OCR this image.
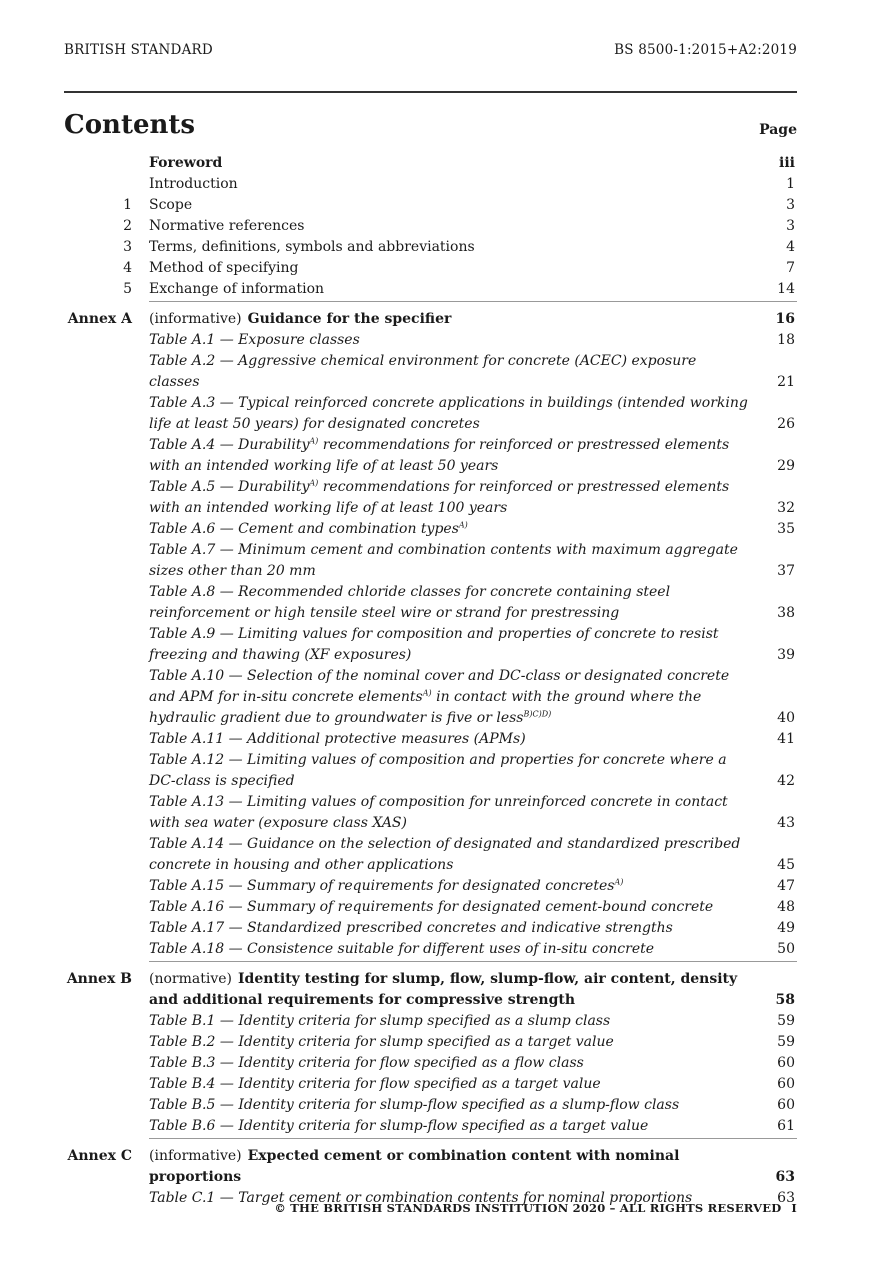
BRITISH STANDARD	BS 8500-1:2015+A2:2019
Contents	Page
Foreword	iii
Introduction	1
1 Scope	3
2 Normative references	3
3 Terms, definitions, symbols and abbreviations	4
4 Method of specifying	7
5 Exchange of information	14
Annex A (informative) Guidance for the specifier	16
Table A.1 — Exposure classes	18
Table A.2 — Aggressive chemical environment for concrete (ACEC) exposure classes	21
Table A.3 — Typical reinforced concrete applications in buildings (intended working life at least 50 years) for designated concretes	26
Table A.4 — Durability$^{A)}$ recommendations for reinforced or prestressed elements with an intended working life of at least 50 years	29
Table A.5 — Durability$^{A)}$ recommendations for reinforced or prestressed elements with an intended working life of at least 100 years	32
Table A.6 — Cement and combination types$^{A)}$	35
Table A.7 — Minimum cement and combination contents with maximum aggregate sizes other than 20 mm	37
Table A.8 — Recommended chloride classes for concrete containing steel reinforcement or high tensile steel wire or strand for prestressing	38
Table A.9 — Limiting values for composition and properties of concrete to resist freezing and thawing (XF exposures)	39
Table A.10 — Selection of the nominal cover and DC-class or designated concrete and APM for in-situ concrete elements$^{A)}$ in contact with the ground where the hydraulic gradient due to groundwater is five or less$^{B)C)D)}$	40
Table A.11 — Additional protective measures (APMs)	41
Table A.12 — Limiting values of composition and properties for concrete where a DC-class is specified	42
Table A.13 — Limiting values of composition for unreinforced concrete in contact with sea water (exposure class XAS)	43
Table A.14 — Guidance on the selection of designated and standardized prescribed concrete in housing and other applications	45
Table A.15 — Summary of requirements for designated concretes$^{A)}$	47
Table A.16 — Summary of requirements for designated cement-bound concrete	48
Table A.17 — Standardized prescribed concretes and indicative strengths	49
Table A.18 — Consistence suitable for different uses of in-situ concrete	50
Annex B (normative) Identity testing for slump, flow, slump-flow, air content, density and additional requirements for compressive strength	58
Table B.1 — Identity criteria for slump specified as a slump class	59
Table B.2 — Identity criteria for slump specified as a target value	59
Table B.3 — Identity criteria for flow specified as a flow class	60
Table B.4 — Identity criteria for flow specified as a target value	60
Table B.5 — Identity criteria for slump-flow specified as a slump-flow class	60
Table B.6 — Identity criteria for slump-flow specified as a target value	61
Annex C (informative) Expected cement or combination content with nominal proportions	63
Table C.1 — Target cement or combination contents for nominal proportions	63
© THE BRITISH STANDARDS INSTITUTION 2020 – ALL RIGHTS RESERVED I
